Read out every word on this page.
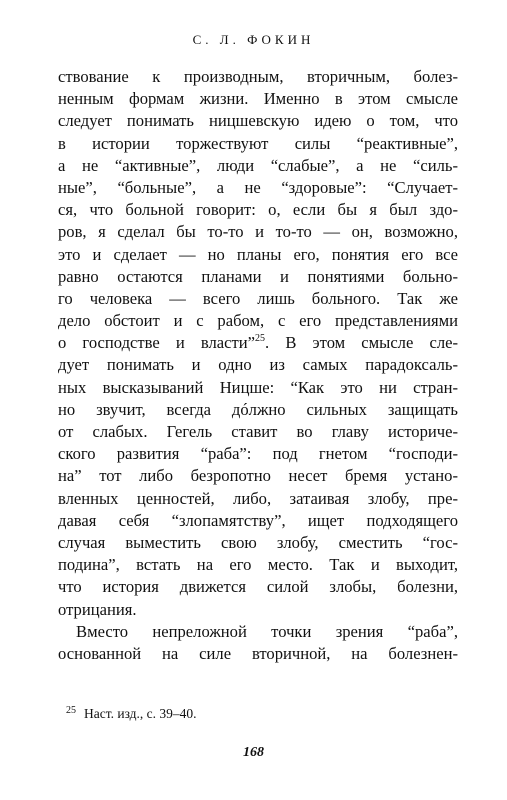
С. Л. ФОКИН
ствование к производным, вторичным, болез-
ненным формам жизни. Именно в этом смысле
следует понимать ницшевскую идею о том, что
в истории торжествуют силы “реактивные”,
а не “активные”, люди “слабые”, а не “силь-
ные”, “больные”, а не “здоровые”: “Случает-
ся, что больной говорит: о, если бы я был здо-
ров, я сделал бы то-то и то-то — он, возможно,
это и сделает — но планы его, понятия его все
равно остаются планами и понятиями больно-
го человека — всего лишь больного. Так же
дело обстоит и с рабом, с его представлениями
о господстве и власти”$^{25}$. В этом смысле сле-
дует понимать и одно из самых парадоксаль-
ных высказываний Ницше: “Как это ни стран-
но звучит, всегда дóлжно сильных защищать
от слабых. Гегель ставит во главу историче-
ского развития “раба”: под гнетом “господи-
на” тот либо безропотно несет бремя устано-
вленных ценностей, либо, затаивая злобу, пре-
давая себя “злопамятству”, ищет подходящего
случая выместить свою злобу, сместить “гос-
подина”, встать на его место. Так и выходит,
что история движется силой злобы, болезни,
отрицания.
Вместо непреложной точки зрения “раба”,
основанной на силе вторичной, на болезнен-
$^{25}$ Наст. изд., с. 39–40.
168
